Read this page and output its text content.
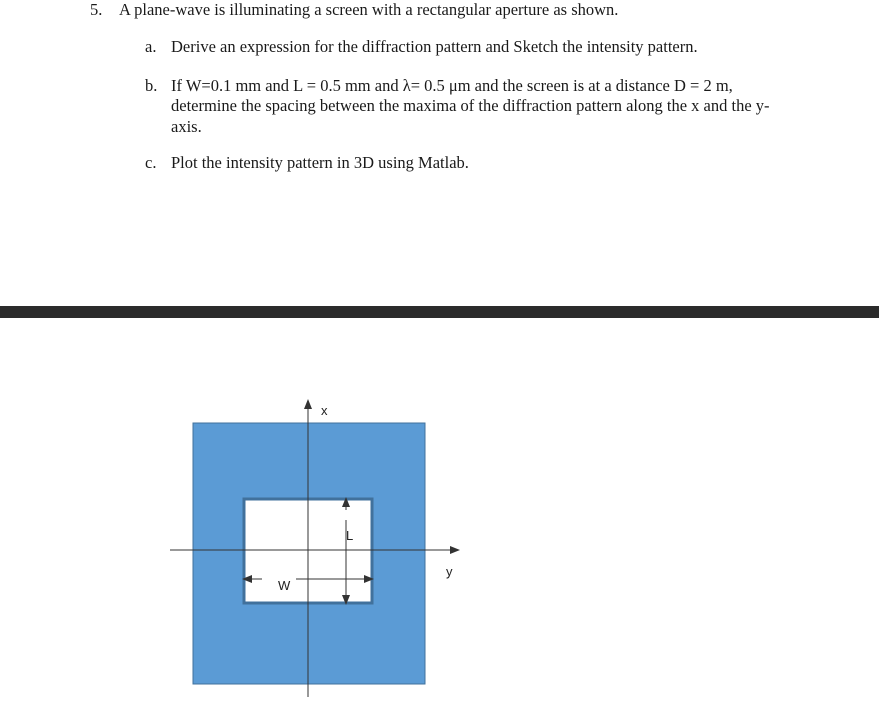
5. A plane-wave is illuminating a screen with a rectangular aperture as shown.
a. Derive an expression for the diffraction pattern and Sketch the intensity pattern.
b. If W=0.1 mm and L = 0.5 mm and λ= 0.5 μm and the screen is at a distance D = 2 m,
determine the spacing between the maxima of the diffraction pattern along the x and the y-
axis.
c. Plot the intensity pattern in 3D using Matlab.
x
y
L
W
